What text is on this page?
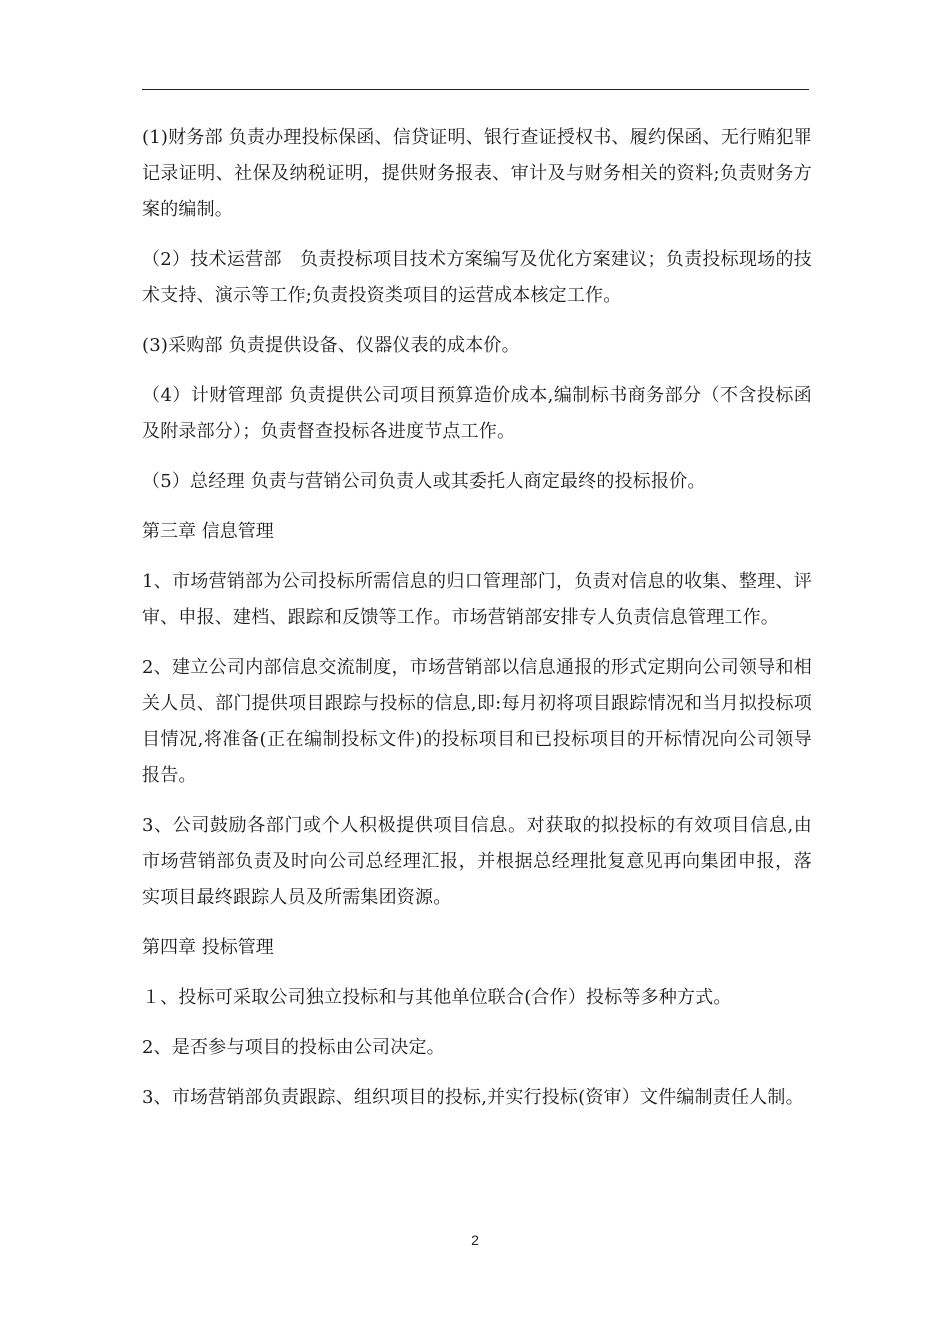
(1)财务部 负责办理投标保函、信贷证明、银行查证授权书、履约保函、无行贿犯罪记录证明、社保及纳税证明，提供财务报表、审计及与财务相关的资料;负责财务方案的编制。

（2）技术运营部　负责投标项目技术方案编写及优化方案建议；负责投标现场的技术支持、演示等工作;负责投资类项目的运营成本核定工作。

(3)采购部 负责提供设备、仪器仪表的成本价。

（4）计财管理部 负责提供公司项目预算造价成本,编制标书商务部分（不含投标函及附录部分）；负责督查投标各进度节点工作。

（5）总经理 负责与营销公司负责人或其委托人商定最终的投标报价。

第三章 信息管理

1、市场营销部为公司投标所需信息的归口管理部门，负责对信息的收集、整理、评审、申报、建档、跟踪和反馈等工作。市场营销部安排专人负责信息管理工作。

2、建立公司内部信息交流制度，市场营销部以信息通报的形式定期向公司领导和相关人员、部门提供项目跟踪与投标的信息,即:每月初将项目跟踪情况和当月拟投标项目情况,将准备(正在编制投标文件)的投标项目和已投标项目的开标情况向公司领导报告。

3、公司鼓励各部门或个人积极提供项目信息。对获取的拟投标的有效项目信息,由市场营销部负责及时向公司总经理汇报，并根据总经理批复意见再向集团申报，落实项目最终跟踪人员及所需集团资源。

第四章 投标管理

１、投标可采取公司独立投标和与其他单位联合(合作）投标等多种方式。

2、是否参与项目的投标由公司决定。

3、市场营销部负责跟踪、组织项目的投标,并实行投标(资审）文件编制责任人制。

2
